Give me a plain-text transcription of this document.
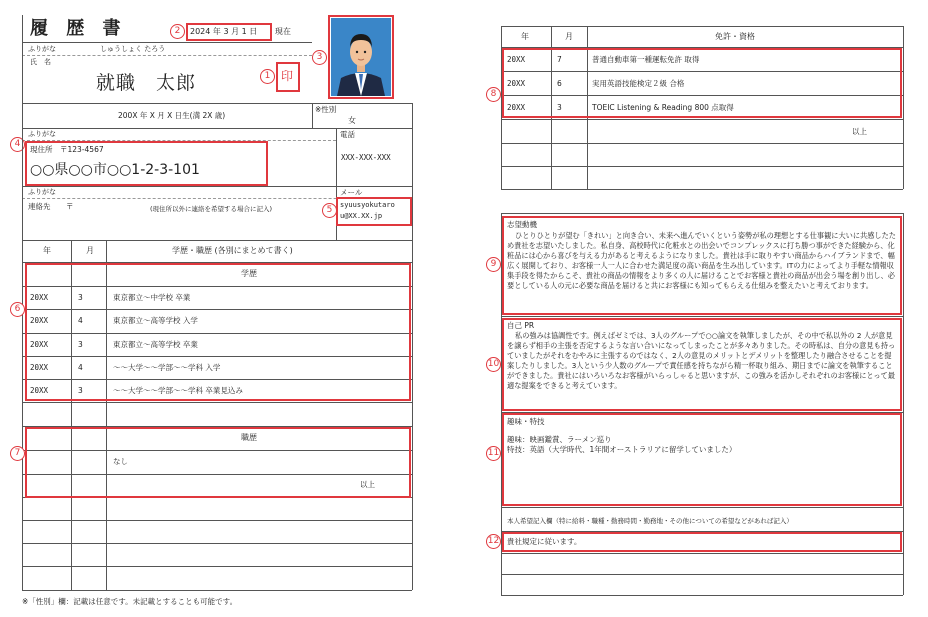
履 歴 書	2024 年 3 月 1 日 現在
2
3
ふりがな	しゅうしょく たろう
氏　名
就職　太郎	印
1
200X 年 X 月 X 日生(満 2X 歳)
※性別
女
ふりがな	電話
現住所 〒123-4567
○○県○○市○○1-2-3-101
4
XXX-XXX-XXX
ふりがな	メール
連絡先 〒	(現住所以外に連絡を希望する場合に記入)	syuusyokutaro
u@XX.XX.jp
5
年	月	学歴・職歴 (各別にまとめて書く)
6
学歴
20XX	3	東京都立〜中学校 卒業
20XX	4	東京都立〜高等学校 入学
20XX	3	東京都立〜高等学校 卒業
20XX	4	〜〜大学〜〜学部〜〜学科 入学
20XX	3	〜〜大学〜〜学部〜〜学科 卒業見込み
7
職歴
なし
以上
※「性別」欄：記載は任意です。未記載とすることも可能です。
年	月	免許・資格
8
20XX	7	普通自動車第一種運転免許 取得
20XX	6	実用英語技能検定２級 合格
20XX	3	TOEIC Listening & Reading 800 点取得
以上
9
志望動機
ひとりひとりが望む「きれい」と向き合い、未来へ進んでいくという姿勢が私の理想とする仕事観に大いに共感したため貴社を志望いたしました。私自身、高校時代に化粧水との出会いでコンプレックスに打ち勝つ事ができた経験から、化粧品には心から喜びを与える力があると考えるようになりました。貴社は手に取りやすい商品からハイブランドまで、幅広く展開しており、お客様一人一人に合わせた満足度の高い商品を生み出しています。ITの力によってより手軽な情報収集手段を得たからこそ、貴社の商品の情報をより多くの人に届けることでお客様と貴社の商品が出会う場を創り出し、必要としている人の元に必要な商品を届けると共にお客様にも知ってもらえる仕組みを整えたいと考えております。
10
自己 PR
私の強みは協調性です。例えばゼミでは、3人のグループで○○論文を執筆しましたが、その中で私以外の 2 人が意見を譲らず相手の主張を否定するような言い合いになってしまったことが多々ありました。その時私は、自分の意見も持っていましたがそれをむやみに主張するのではなく、2人の意見のメリットとデメリットを整理したり融合させることを提案したりしました。3人という少人数のグループで責任感を持ちながら精一杯取り組み、期日までに論文を執筆することができました。貴社にはいろいろなお客様がいらっしゃると思いますが、この強みを活かしそれぞれのお客様にとって最適な提案をできると考えています。
11
趣味・特技
趣味：映画鑑賞、ラーメン巡り
特技：英語（大学時代、1年間オーストラリアに留学していました）
本人希望記入欄（特に給料・職種・勤務時間・勤務地・その他についての希望などがあれば記入）
12 貴社規定に従います。
